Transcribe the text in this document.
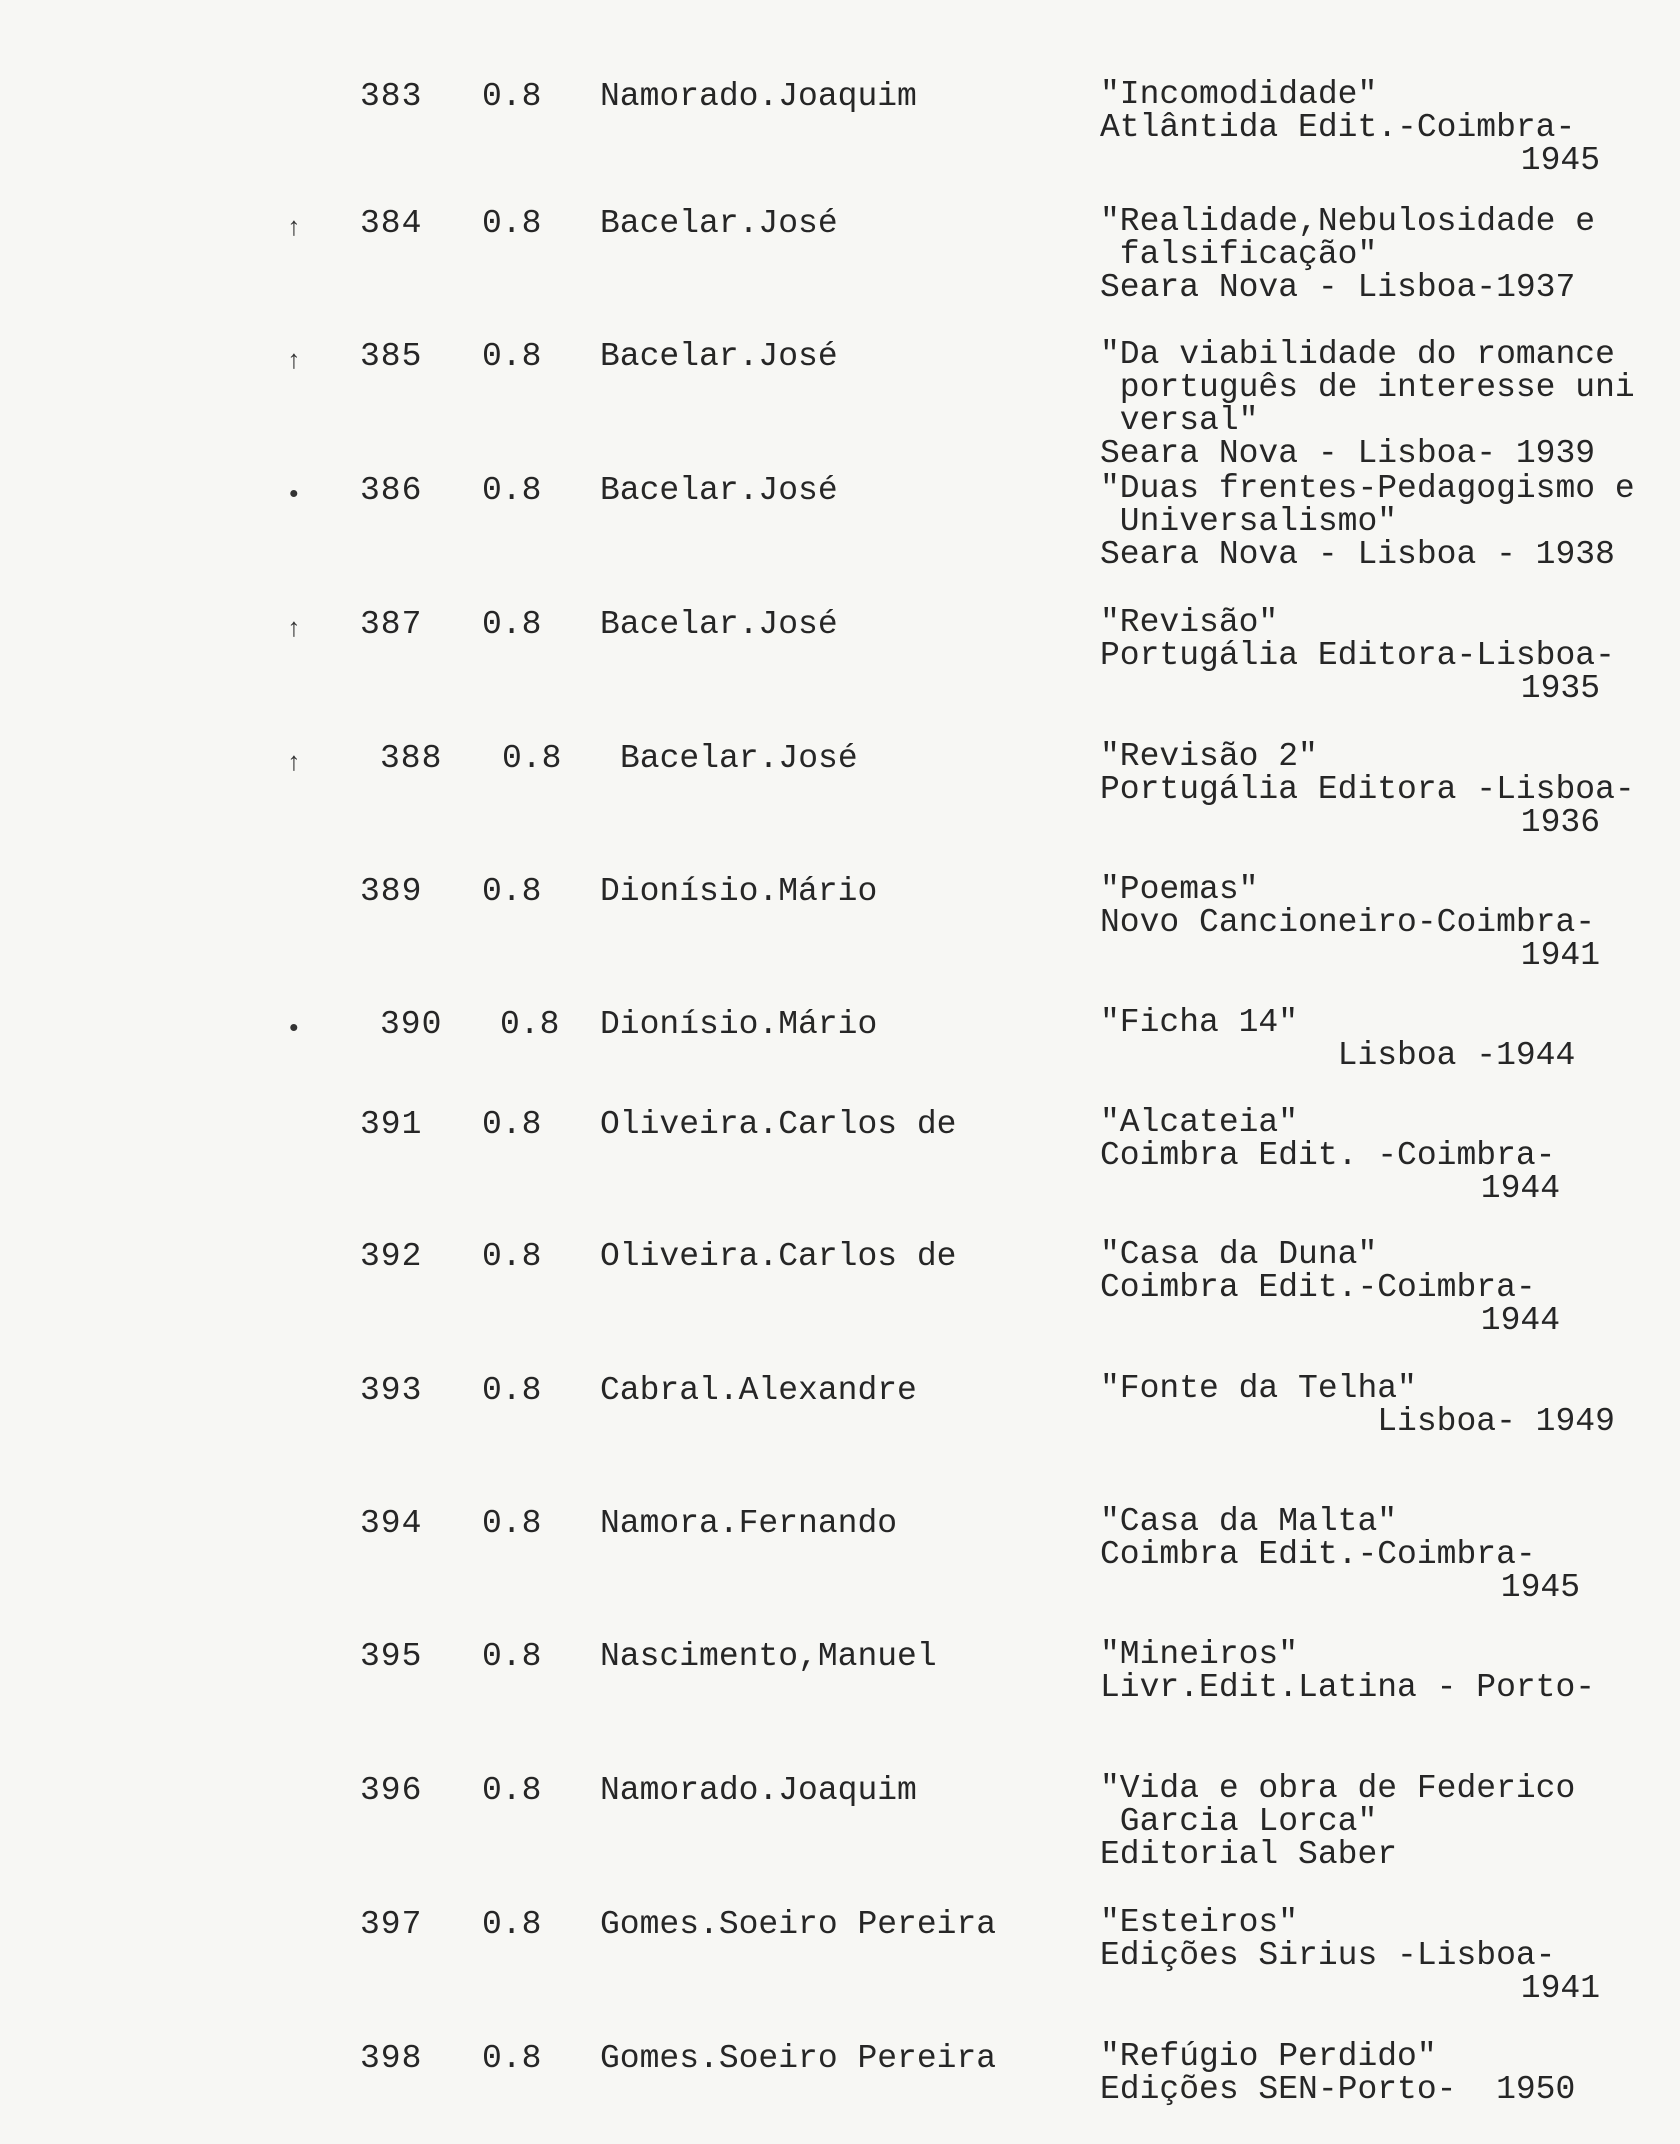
383 0.8 Namorado.Joaquim	"Incomodidade"
Atlântida Edit.-Coimbra-
1945
↑ 384 0.8 Bacelar.José	"Realidade,Nebulosidade e
falsificação"
Seara Nova - Lisboa-1937
↑ 385 0.8 Bacelar.José	"Da viabilidade do romance
português de interesse uni
versal"
Seara Nova - Lisboa- 1939
• 386 0.8 Bacelar.José	"Duas frentes-Pedagogismo e
Universalismo"
Seara Nova - Lisboa - 1938
↑ 387 0.8 Bacelar.José	"Revisão"
Portugália Editora-Lisboa-
1935
↑ 388 0.8 Bacelar.José	"Revisão 2"
Portugália Editora -Lisboa-
1936
389 0.8 Dionísio.Mário	"Poemas"
Novo Cancioneiro-Coimbra-
1941
• 390 0.8 Dionísio.Mário	"Ficha 14"
Lisboa -1944
391 0.8 Oliveira.Carlos de	"Alcateia"
Coimbra Edit. -Coimbra-
1944
392 0.8 Oliveira.Carlos de	"Casa da Duna"
Coimbra Edit.-Coimbra-
1944
393 0.8 Cabral.Alexandre	"Fonte da Telha"
Lisboa- 1949
394 0.8 Namora.Fernando	"Casa da Malta"
Coimbra Edit.-Coimbra-
1945
395 0.8 Nascimento,Manuel	"Mineiros"
Livr.Edit.Latina - Porto-
396 0.8 Namorado.Joaquim	"Vida e obra de Federico
Garcia Lorca"
Editorial Saber
397 0.8 Gomes.Soeiro Pereira	"Esteiros"
Edições Sirius -Lisboa-
1941
398 0.8 Gomes.Soeiro Pereira	"Refúgio Perdido"
Edições SEN-Porto-  1950
